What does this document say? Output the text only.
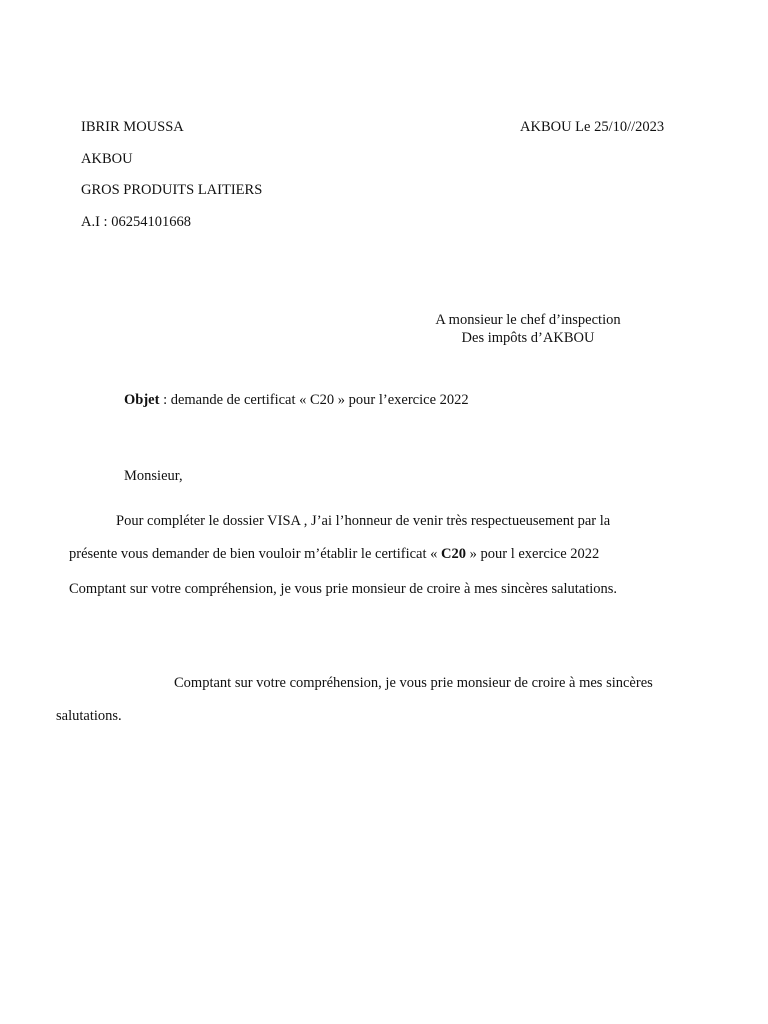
IBRIR MOUSSA
AKBOU
GROS PRODUITS LAITIERS
A.I : 06254101668
AKBOU Le 25/10//2023
A monsieur le chef d’inspection
Des impôts d’AKBOU
Objet : demande de certificat « C20 » pour l’exercice 2022
Monsieur,
Pour compléter le dossier VISA , J’ai l’honneur de venir très respectueusement par la
présente vous demander de bien vouloir m’établir le certificat « C20 » pour l exercice 2022
Comptant sur votre compréhension, je vous prie monsieur de croire à mes sincères salutations.
Comptant sur votre compréhension, je vous prie monsieur de croire à mes sincères
salutations.
